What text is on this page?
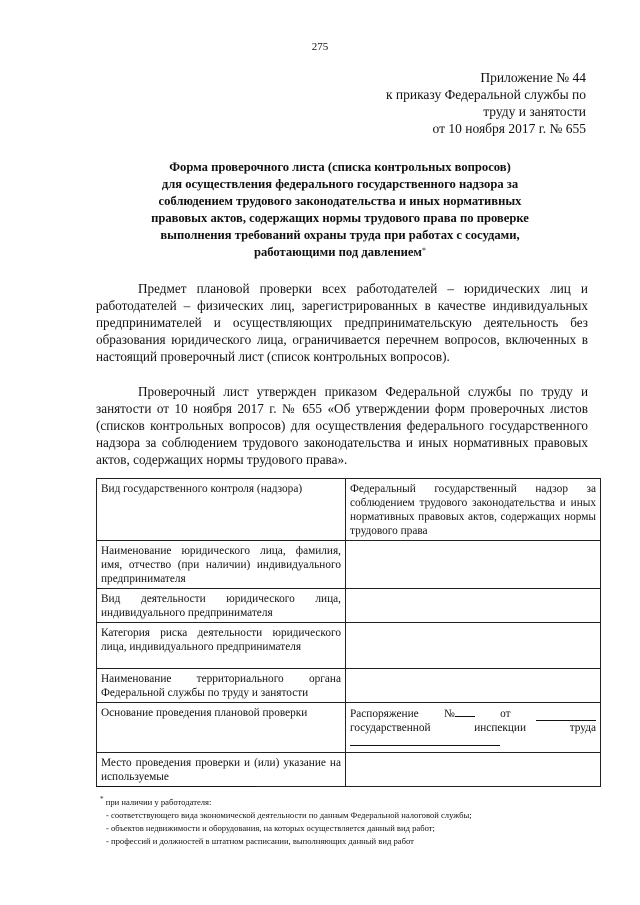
275
Приложение № 44
к приказу Федеральной службы по
труду и занятости
от 10 ноября 2017 г. № 655
Форма проверочного листа (списка контрольных вопросов)
для осуществления федерального государственного надзора за
соблюдением трудового законодательства и иных нормативных
правовых актов, содержащих нормы трудового права по проверке
выполнения требований охраны труда при работах с сосудами,
работающими под давлением*
Предмет плановой проверки всех работодателей – юридических лиц и работодателей – физических лиц, зарегистрированных в качестве индивидуальных предпринимателей и осуществляющих предпринимательскую деятельность без образования юридического лица, ограничивается перечнем вопросов, включенных в настоящий проверочный лист (список контрольных вопросов).
Проверочный лист утвержден приказом Федеральной службы по труду и занятости от 10 ноября 2017 г. № 655 «Об утверждении форм проверочных листов (списков контрольных вопросов) для осуществления федерального государственного надзора за соблюдением трудового законодательства и иных нормативных правовых актов, содержащих нормы трудового права».
Вид государственного контроля (надзора)	Федеральный государственный надзор за соблюдением трудового законодательства и иных нормативных правовых актов, содержащих нормы трудового права
Наименование юридического лица, фамилия, имя, отчество (при наличии) индивидуального предпринимателя	
Вид деятельности юридического лица, индивидуального предпринимателя	
Категория риска деятельности юридического лица, индивидуального предпринимателя	
Наименование территориального органа Федеральной службы по труду и занятости	
Основание проведения плановой проверки	Распоряжение № от
государственной инспекции труда

Место проведения проверки и (или) указание на используемые	
* при наличии у работодателя:
- соответствующего вида экономической деятельности по данным Федеральной налоговой службы;
- объектов недвижимости и оборудования, на которых осуществляется данный вид работ;
- профессий и должностей в штатном расписании, выполняющих данный вид работ
